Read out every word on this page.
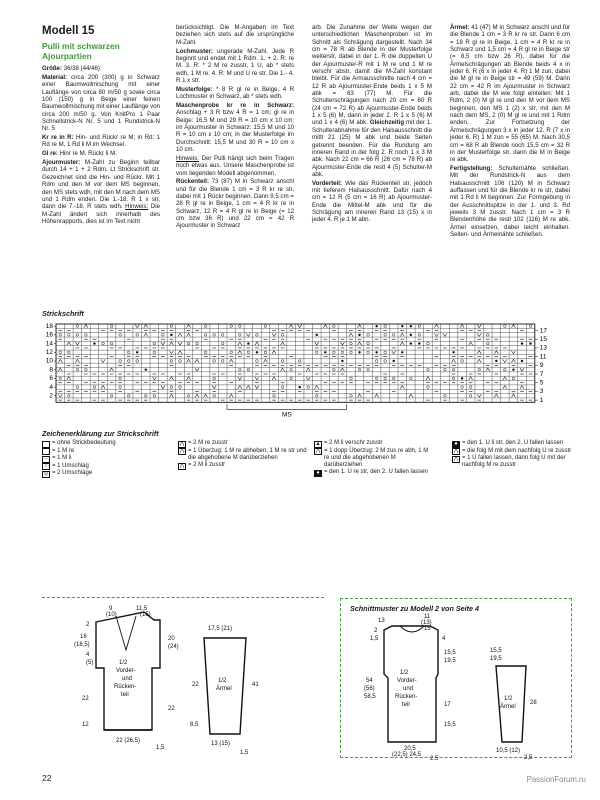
Modell 15
Pulli mit schwarzen
Ajourpartien

Größe: 36/38 (44/46)

Material: circa 200 (300) g in Schwarz einer Baumwollmischung mit einer Lauflänge von circa 80 m/50 g sowie circa 100 (150) g in Beige einer feinen Baumwollmischung mit einer Lauflänge von circa 200 m/50 g. Von KnitPro 1 Paar Schnellstrick-N Nr. 5 und 1 Rundstrick-N Nr. 5

Kr re in R: Hin- und Rückr re M; in Rd: 1 Rd re M, 1 Rd li M im Wechsel.

Gl re: Hinr re M, Rückr li M.

Ajourmuster: M-Zahl zu Beginn teilbar durch 14 + 1 + 2 Rdm. Lt Strickschrift str. Gezeichnet sind die Hin- und Rückr. Mit 1 Rdm und den M vor dem MS beginnen, den MS stets wdh, mit den M nach dem MS und 1 Rdm enden. Die 1.-18. R 1 x str, dann die 7.-18. R stets wdh. Hinweis: Die M-Zahl ändert sich innerhalb des Höhenrapports, dies ist im Text nicht

berücksichtigt. Die M-Angaben im Text beziehen sich stets auf die ursprüngliche M-Zahl.

Lochmuster: ungerade M-Zahl. Jede R beginnt und endet mit 1 Rdm. 1. + 2. R: re M. 3. R: * 2 M re zusstr, 1 U, ab * stets wdh, 1 M re. 4. R: M und U re str. Die 1.- 4. R 1 x str.

Musterfolge: * 8 R gl re in Beige, 4 R Lochmuster in Schwarz, ab * stets wdh.

Maschenprobe kr re in Schwarz: Anschlag + 3 R bzw 4 R = 1 cm; gl re in Beige: 16,5 M und 29 R = 10 cm x 10 cm; im Ajourmuster in Schwarz: 15,5 M und 10 R = 10 cm x 10 cm; in der Musterfolge im Durchschnitt: 15,5 M und 30 R = 10 cm x 10 cm.

Hinweis: Der Pulli hängt sich beim Tragen noch etwas aus. Unsere Maschenprobe ist vom liegenden Modell abgenommen.

Rückenteil: 73 (87) M in Schwarz anschl und für die Blende 1 cm = 3 R kr re str, dabei mit 1 Rückr beginnen. Dann 9,5 cm = 28 R gl re in Beige, 1 cm = 4 R kr re in Schwarz, 12 R = 4 R gl re in Beige (= 12 cm bzw 36 R) und 22 cm = 42 R Ajourmuster in Schwarz

arb. Die Zunahme der Weite wegen der unterschiedlichen Maschenproben ist im Schnitt als Schrägung dargestellt. Nach 34 cm = 78 R ab Blende in der Musterfolge weiterstr, dabei in der 1. R die doppelten U der Ajourmuster-R mit 1 M re und 1 M re verschr abstr, damit die M-Zahl konstant bleibt. Für die Armausschnitte nach 4 cm = 12 R ab Ajourmuster-Ende beids 1 x 5 M abk = 63 (77) M. Für die Schulterschrägungen nach 20 cm = 60 R (24 cm = 72 R) ab Ajourmuster-Ende beids 1 x 5 (6) M, dann in jeder 2. R 1 x 5 (6) M und 1 x 4 (6) M abk. Gleichzeitig mit der 1. Schulterabnahme für den Halsausschnitt die mittl 21 (25) M abk und beide Seiten getrennt beenden. Für die Rundung am inneren Rand in der folg 2. R noch 1 x 3 M abk. Nach 22 cm = 66 R (26 cm = 78 R) ab Ajourmuster-Ende die restl 4 (5) Schulter-M abk.

Vorderteil: Wie das Rückenteil str, jedoch mit tieferem Halsausschnitt. Dafür nach 4 cm = 12 R (5 cm = 16 R) ab Ajourmuster-Ende die Mittel-M abk und für die Schrägung am inneren Rand 13 (15) x in jeder 4. R je 1 M abn.

Ärmel: 41 (47) M in Schwarz anschl und für die Blende 1 cm = 3 R kr re str. Dann 6 cm = 18 R gl re in Beige, 1 cm = 4 R kr re in Schwarz und 1,5 cm = 4 R gl re in Beige str (= 8,5 cm bzw 26 R), dabei für die Ärmelschrägungen ab Blende beids 4 x in jeder 6. R (6 x in jeder 4. R) 1 M zun, dabei die M gl re in Beige str = 49 (59) M. Dann 22 cm = 42 R im Ajourmuster in Schwarz arb, dabei die M wie folgt einteilen: Mit 1 Rdm, 2 (0) M gl re und den M vor dem MS beginnen, den MS 1 (2) x str, mit den M nach dem MS, 2 (0) M gl re und mit 1 Rdm enden. Zur Fortsetzung der Ärmelschrägungen 3 x in jeder 12. R (7 x in jeder 6. R) 1 M zun = 55 (65) M. Nach 30,5 cm = 68 R ab Blende noch 15,5 cm = 32 R in der Musterfolge str, dann die M in Beige re abk.

Fertigstellung: Schulternähte schließen. Mit der Rundstrick-N aus dem Halsausschnitt 106 (120) M in Schwarz auffassen und für die Blende kr re str, dabei mit 1 Rd li M beginnen. Zur Formgebung in der Ausschnittspitze in der 1. und 3. Rd jeweils 3 M zusstr. Nach 1 cm = 3 R Blendenhöhe die restl 102 (116) M re abk. Ärmel einsetzen, dabei leicht einhalten. Seiten- und Ärmelnähte schließen.

Strickschrift
18
16
14
12
10
8
6
4
2
17
15
13
11
9
7
5
3
1
MS
Zeichenerklärung zur Strickschrift
= ohne Strickbedeutung
= 1 M re
– = 1 M li
○ = 1 Umschlag
◎ = 2 Umschläge
⋀ = 2 M re zusstr
⋀ = 1 Überzug: 1 M re abheben, 1 M re str und die abgehobene M darüberziehen
⋀ = 2 M li zusstr
▲ = 2 M li verschr zusstr
⋀ = 1 dopp Überzug: 2 M zus re abh, 1 M re und die abgehobenen M darüberziehen
● = den 1. U re str, den 2. U fallen lassen
● = den 1. U li str, den 2. U fallen lassen
⋀ = die folg M mit dem nachfolg U re zusstr
⋀ = 1 U fallen lassen, dann folg U mit der nachfolg M re zusstr
Schnittmuster zu Modell 2 von Seite 4
1/2
Vorder-
und
Rücken-
teil
9
(10)
11,5
(15)
2
16
(18,5)
4
(5)
20
(24)
22
12
22
22 (26,5)
1,5
1/2
Ärmel
17,5 (21)
22	41
8,5
13 (15)
1,5
1/2
Vorder-
und
Rücken-
teil
13
11
(13)
15
2
1,5
54
(56)
58,5
4
15,5
19,5
17
15,5
20,5
(22,5) 24,5
2,5
1/2
Ärmel
15,5
19,5
28
10,5 (12)
2,5
22	PassionForum.ru
